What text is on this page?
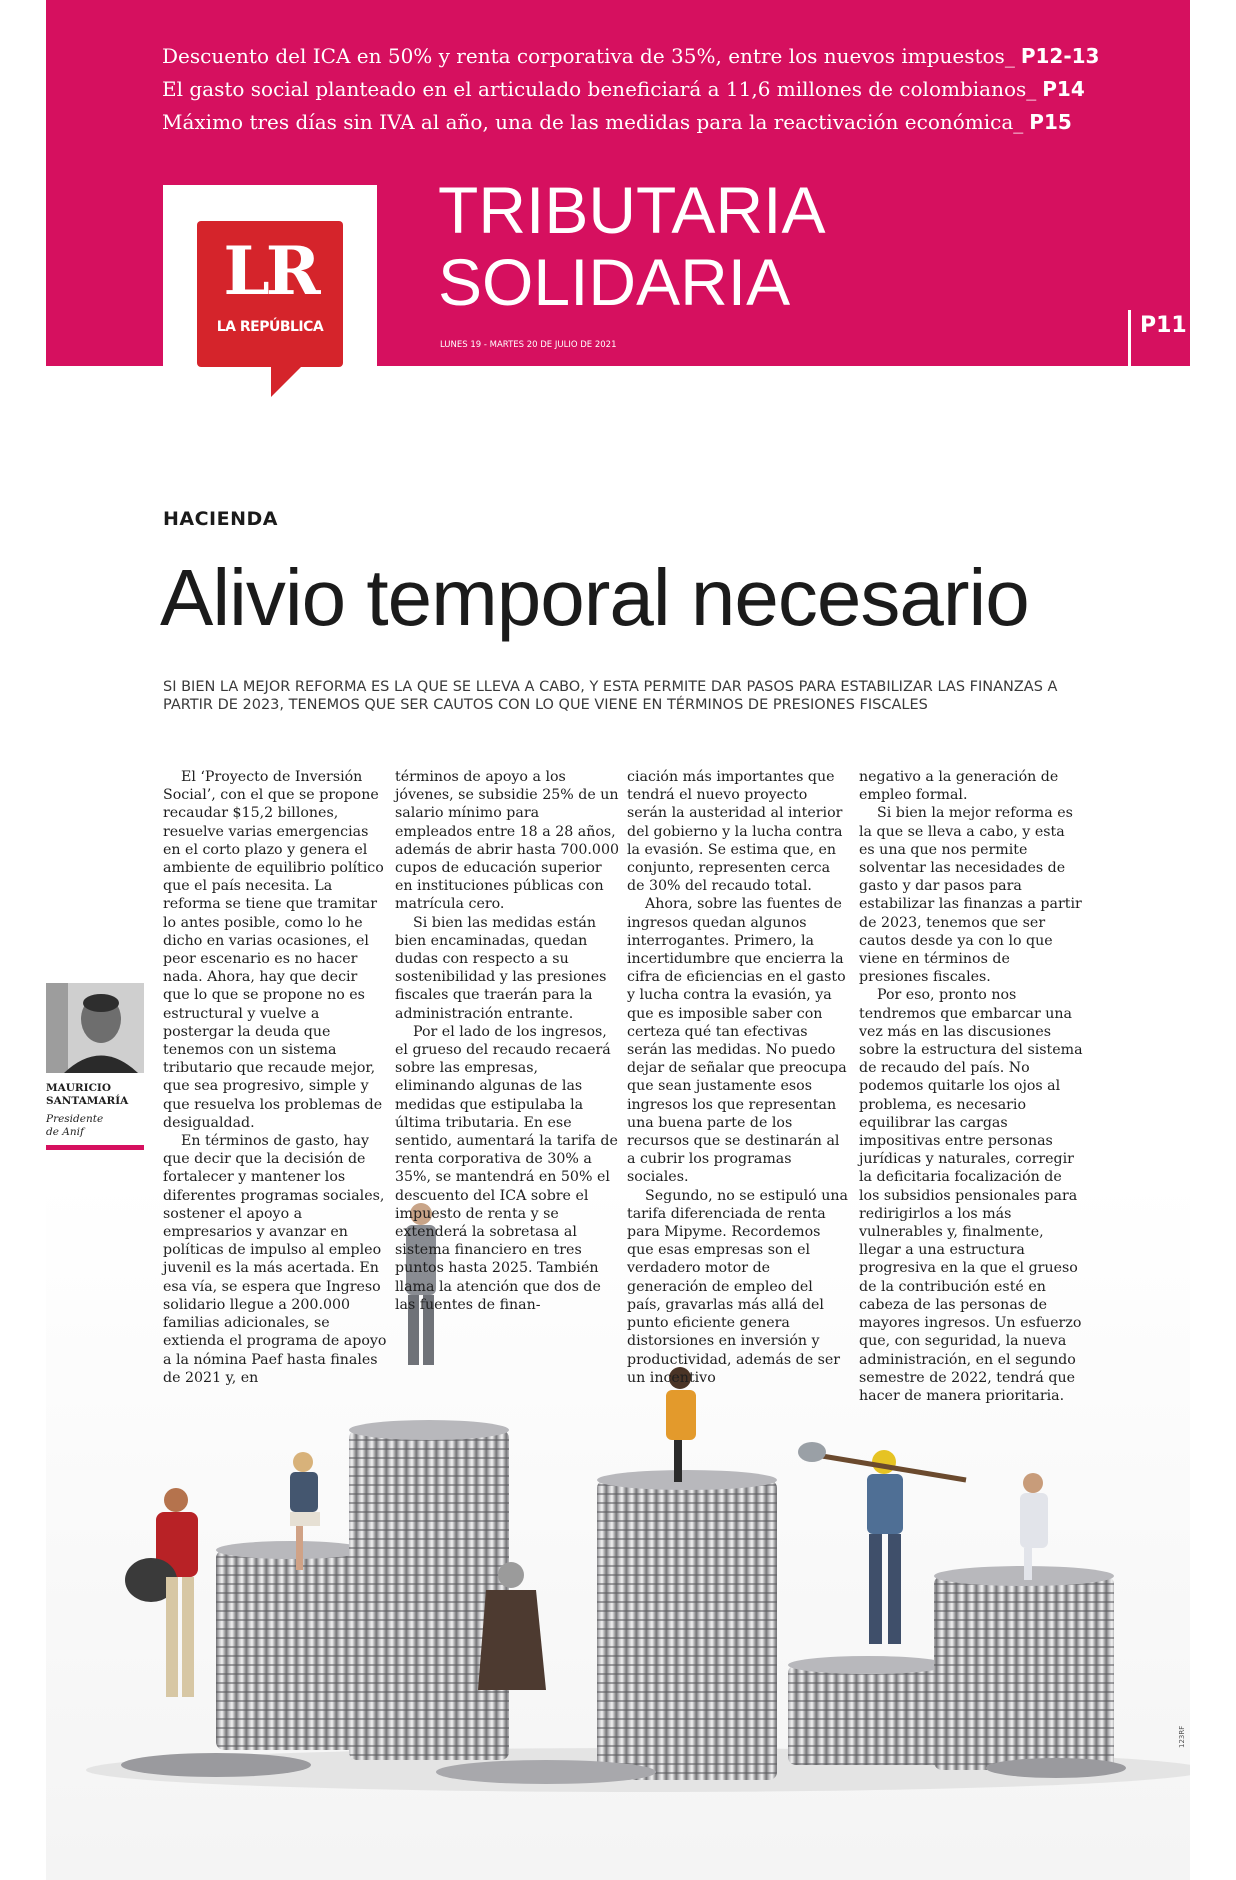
Descuento del ICA en 50% y renta corporativa de 35%, entre los nuevos impuestos_ P12-13
El gasto social planteado en el articulado beneficiará a 11,6 millones de colombianos_ P14
Máximo tres días sin IVA al año, una de las medidas para la reactivación económica_ P15
TRIBUTARIA
SOLIDARIA
LUNES 19 - MARTES 20 DE JULIO DE 2021
P11
LR
LA REPÚBLICA
HACIENDA
Alivio temporal necesario
SI BIEN LA MEJOR REFORMA ES LA QUE SE LLEVA A CABO, Y ESTA PERMITE DAR PASOS PARA ESTABILIZAR LAS FINANZAS A PARTIR DE 2023, TENEMOS QUE SER CAUTOS CON LO QUE VIENE EN TÉRMINOS DE PRESIONES FISCALES

El ‘Proyecto de Inversión Social’, con el que se propone recaudar $15,2 billones, resuelve varias emergencias en el corto plazo y genera el ambiente de equilibrio político que el país necesita. La reforma se tiene que tramitar lo antes posible, como lo he dicho en varias ocasiones, el peor escenario es no hacer nada. Ahora, hay que decir que lo que se propone no es estructural y vuelve a postergar la deuda que tenemos con un sistema tributario que recaude mejor, que sea progresivo, simple y que resuelva los problemas de desigualdad.

En términos de gasto, hay que decir que la decisión de fortalecer y mantener los diferentes programas sociales, sostener el apoyo a empresarios y avanzar en políticas de impulso al empleo juvenil es la más acertada. En esa vía, se espera que Ingreso solidario llegue a 200.000 familias adicionales, se extienda el programa de apoyo a la nómina Paef hasta finales de 2021 y, en

términos de apoyo a los jóvenes, se subsidie 25% de un salario mínimo para empleados entre 18 a 28 años, además de abrir hasta 700.000 cupos de educación superior en instituciones públicas con matrícula cero.

Si bien las medidas están bien encaminadas, quedan dudas con respecto a su sostenibilidad y las presiones fiscales que traerán para la administración entrante.

Por el lado de los ingresos, el grueso del recaudo recaerá sobre las empresas, eliminando algunas de las medidas que estipulaba la última tributaria. En ese sentido, aumentará la tarifa de renta corporativa de 30% a 35%, se mantendrá en 50% el descuento del ICA sobre el impuesto de renta y se extenderá la sobretasa al sistema financiero en tres puntos hasta 2025. También llama la atención que dos de las fuentes de finan-

ciación más importantes que tendrá el nuevo proyecto serán la austeridad al interior del gobierno y la lucha contra la evasión. Se estima que, en conjunto, representen cerca de 30% del recaudo total.

Ahora, sobre las fuentes de ingresos quedan algunos interrogantes. Primero, la incertidumbre que encierra la cifra de eficiencias en el gasto y lucha contra la evasión, ya que es imposible saber con certeza qué tan efectivas serán las medidas. No puedo dejar de señalar que preocupa que sean justamente esos ingresos los que representan una buena parte de los recursos que se destinarán al a cubrir los programas sociales.

Segundo, no se estipuló una tarifa diferenciada de renta para Mipyme. Recordemos que esas empresas son el verdadero motor de generación de empleo del país, gravarlas más allá del punto eficiente genera distorsiones en inversión y productividad, además de ser un incentivo

negativo a la generación de empleo formal.

Si bien la mejor reforma es la que se lleva a cabo, y esta es una que nos permite solventar las necesidades de gasto y dar pasos para estabilizar las finanzas a partir de 2023, tenemos que ser cautos desde ya con lo que viene en términos de presiones fiscales.

Por eso, pronto nos tendremos que embarcar una vez más en las discusiones sobre la estructura del sistema de recaudo del país. No podemos quitarle los ojos al problema, es necesario equilibrar las cargas impositivas entre personas jurídicas y naturales, corregir la deficitaria focalización de los subsidios pensionales para redirigirlos a los más vulnerables y, finalmente, llegar a una estructura progresiva en la que el grueso de la contribución esté en cabeza de las personas de mayores ingresos. Un esfuerzo que, con seguridad, la nueva administración, en el segundo semestre de 2022, tendrá que hacer de manera prioritaria.

MAURICIO SANTAMARÍA
Presidente
de Anif
123RF
